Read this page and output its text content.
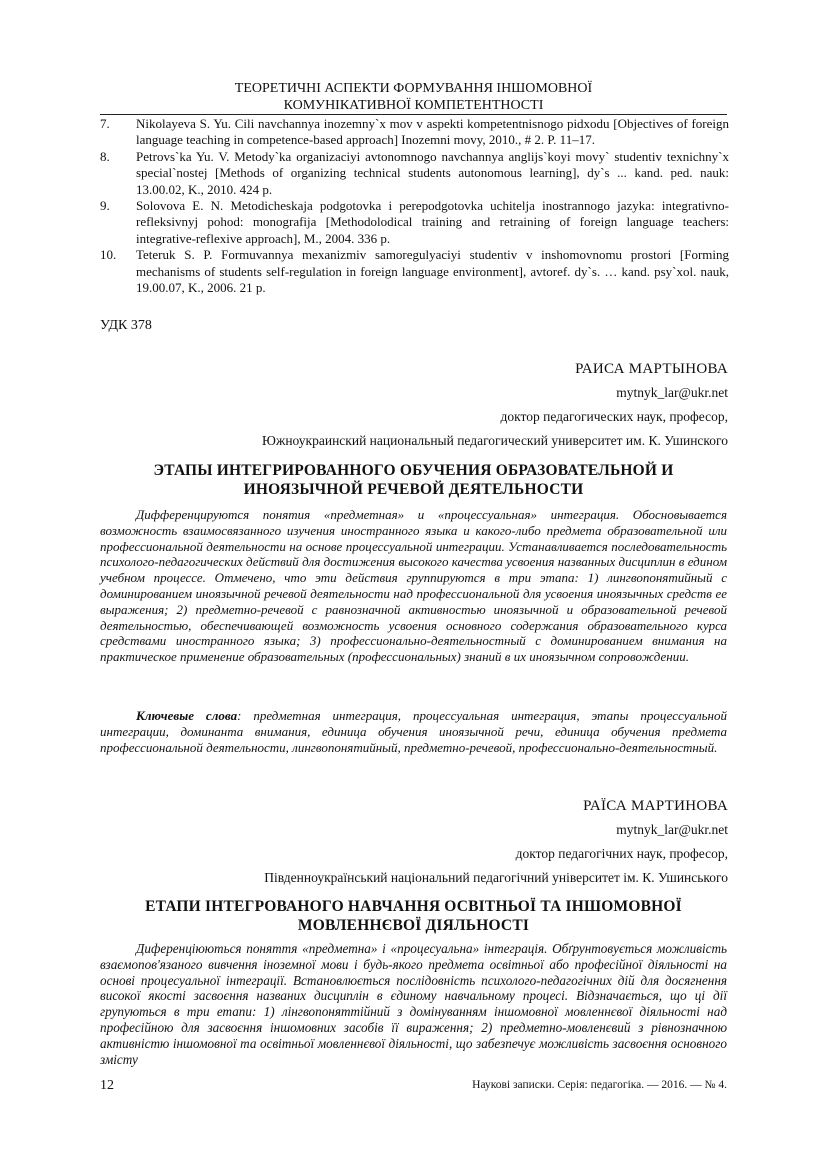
ТЕОРЕТИЧНІ АСПЕКТИ ФОРМУВАННЯ ІНШОМОВНОЇ
КОМУНІКАТИВНОЇ КОМПЕТЕНТНОСТІ
7.	Nikolayeva S. Yu. Cili navchannya inozemny`x mov v aspekti kompetentnisnogo pidxodu [Objectives of foreign language teaching in competence-based approach] Inozemni movy, 2010., # 2. P. 11–17.
8.	Petrovs`ka Yu. V. Metody`ka organizaciyi avtonomnogo navchannya anglijs`koyi movy` studentiv texnichny`x special`nostej [Methods of organizing technical students autonomous learning], dy`s ... kand. ped. nauk: 13.00.02, K., 2010. 424 p.
9.	Solovova E. N. Metodicheskaja podgotovka i perepodgotovka uchitelja inostrannogo jazyka: integrativno-refleksivnyj pohod: monografija [Methodolodical training and retraining of foreign language teachers: integrative-reflexive approach], M., 2004. 336 p.
10.	Teteruk S. P. Formuvannya mexanizmiv samoregulyaciyi studentiv v inshomovnomu prostori [Forming mechanisms of students self-regulation in foreign language environment], avtoref. dy`s. … kand. psy`xol. nauk, 19.00.07, K., 2006. 21 p.
УДК 378
РАИСА МАРТЫНОВА
mytnyk_lar@ukr.net
доктор педагогических наук, професор,
Южноукраинский национальный педагогический университет им. К. Ушинского
ЭТАПЫ ИНТЕГРИРОВАННОГО ОБУЧЕНИЯ ОБРАЗОВАТЕЛЬНОЙ И
ИНОЯЗЫЧНОЙ РЕЧЕВОЙ ДЕЯТЕЛЬНОСТИ

Дифференцируются понятия «предметная» и «процессуальная» интеграция. Обосновывается возможность взаимосвязанного изучения иностранного языка и какого-либо предмета образовательной или профессиональной деятельности на основе процессуальной интеграции. Устанавливается последовательность психолого-педагогических действий для достижения высокого качества усвоения названных дисциплин в едином учебном процессе. Отмечено, что эти действия группируются в три этапа: 1) лингвопонятийный с доминированием иноязычной речевой деятельности над профессиональной для усвоения иноязычных средств ее выражения; 2) предметно-речевой с равнозначной активностью иноязычной и образовательной речевой деятельностью, обеспечивающей возможность усвоения основного содержания образовательного курса средствами иностранного языка; 3) профессионально-деятельностный с доминированием внимания на практическое применение образовательных (профессиональных) знаний в их иноязычном сопровождении.

Ключевые слова: предметная интеграция, процессуальная интеграция, этапы процессуальной интеграции, доминанта внимания, единица обучения иноязычной речи, единица обучения предмета профессиональной деятельности, лингвопонятийный, предметно-речевой, профессионально-деятельностный.

РАЇСА МАРТИНОВА
mytnyk_lar@ukr.net
доктор педагогічних наук, професор,
Південноукраїнський національний педагогічний університет ім. К. Ушинського
ЕТАПИ ІНТЕГРОВАНОГО НАВЧАННЯ ОСВІТНЬОЇ ТА ІНШОМОВНОЇ
МОВЛЕННЄВОЇ ДІЯЛЬНОСТІ

Диференціюються поняття «предметна» і «процесуальна» інтеграція. Обґрунтовується можливість взаємопов'язаного вивчення іноземної мови і будь-якого предмета освітньої або професійної діяльності на основі процесуальної інтеграції. Встановлюється послідовність психолого-педагогічних дій для досягнення високої якості засвоєння названих дисциплін в єдиному навчальному процесі. Відзначається, що ці дії групуються в три етапи: 1) лінгвопоняттійний з домінуванням іншомовної мовленнєвої діяльності над професійною для засвоєння іншомовних засобів її вираження; 2) предметно-мовленєвий з рівнозначною активністю іншомовної та освітньої мовленнєвої діяльності, що забезпечує можливість засвоєння основного змісту

12	Наукові записки. Серія: педагогіка. — 2016. — № 4.
